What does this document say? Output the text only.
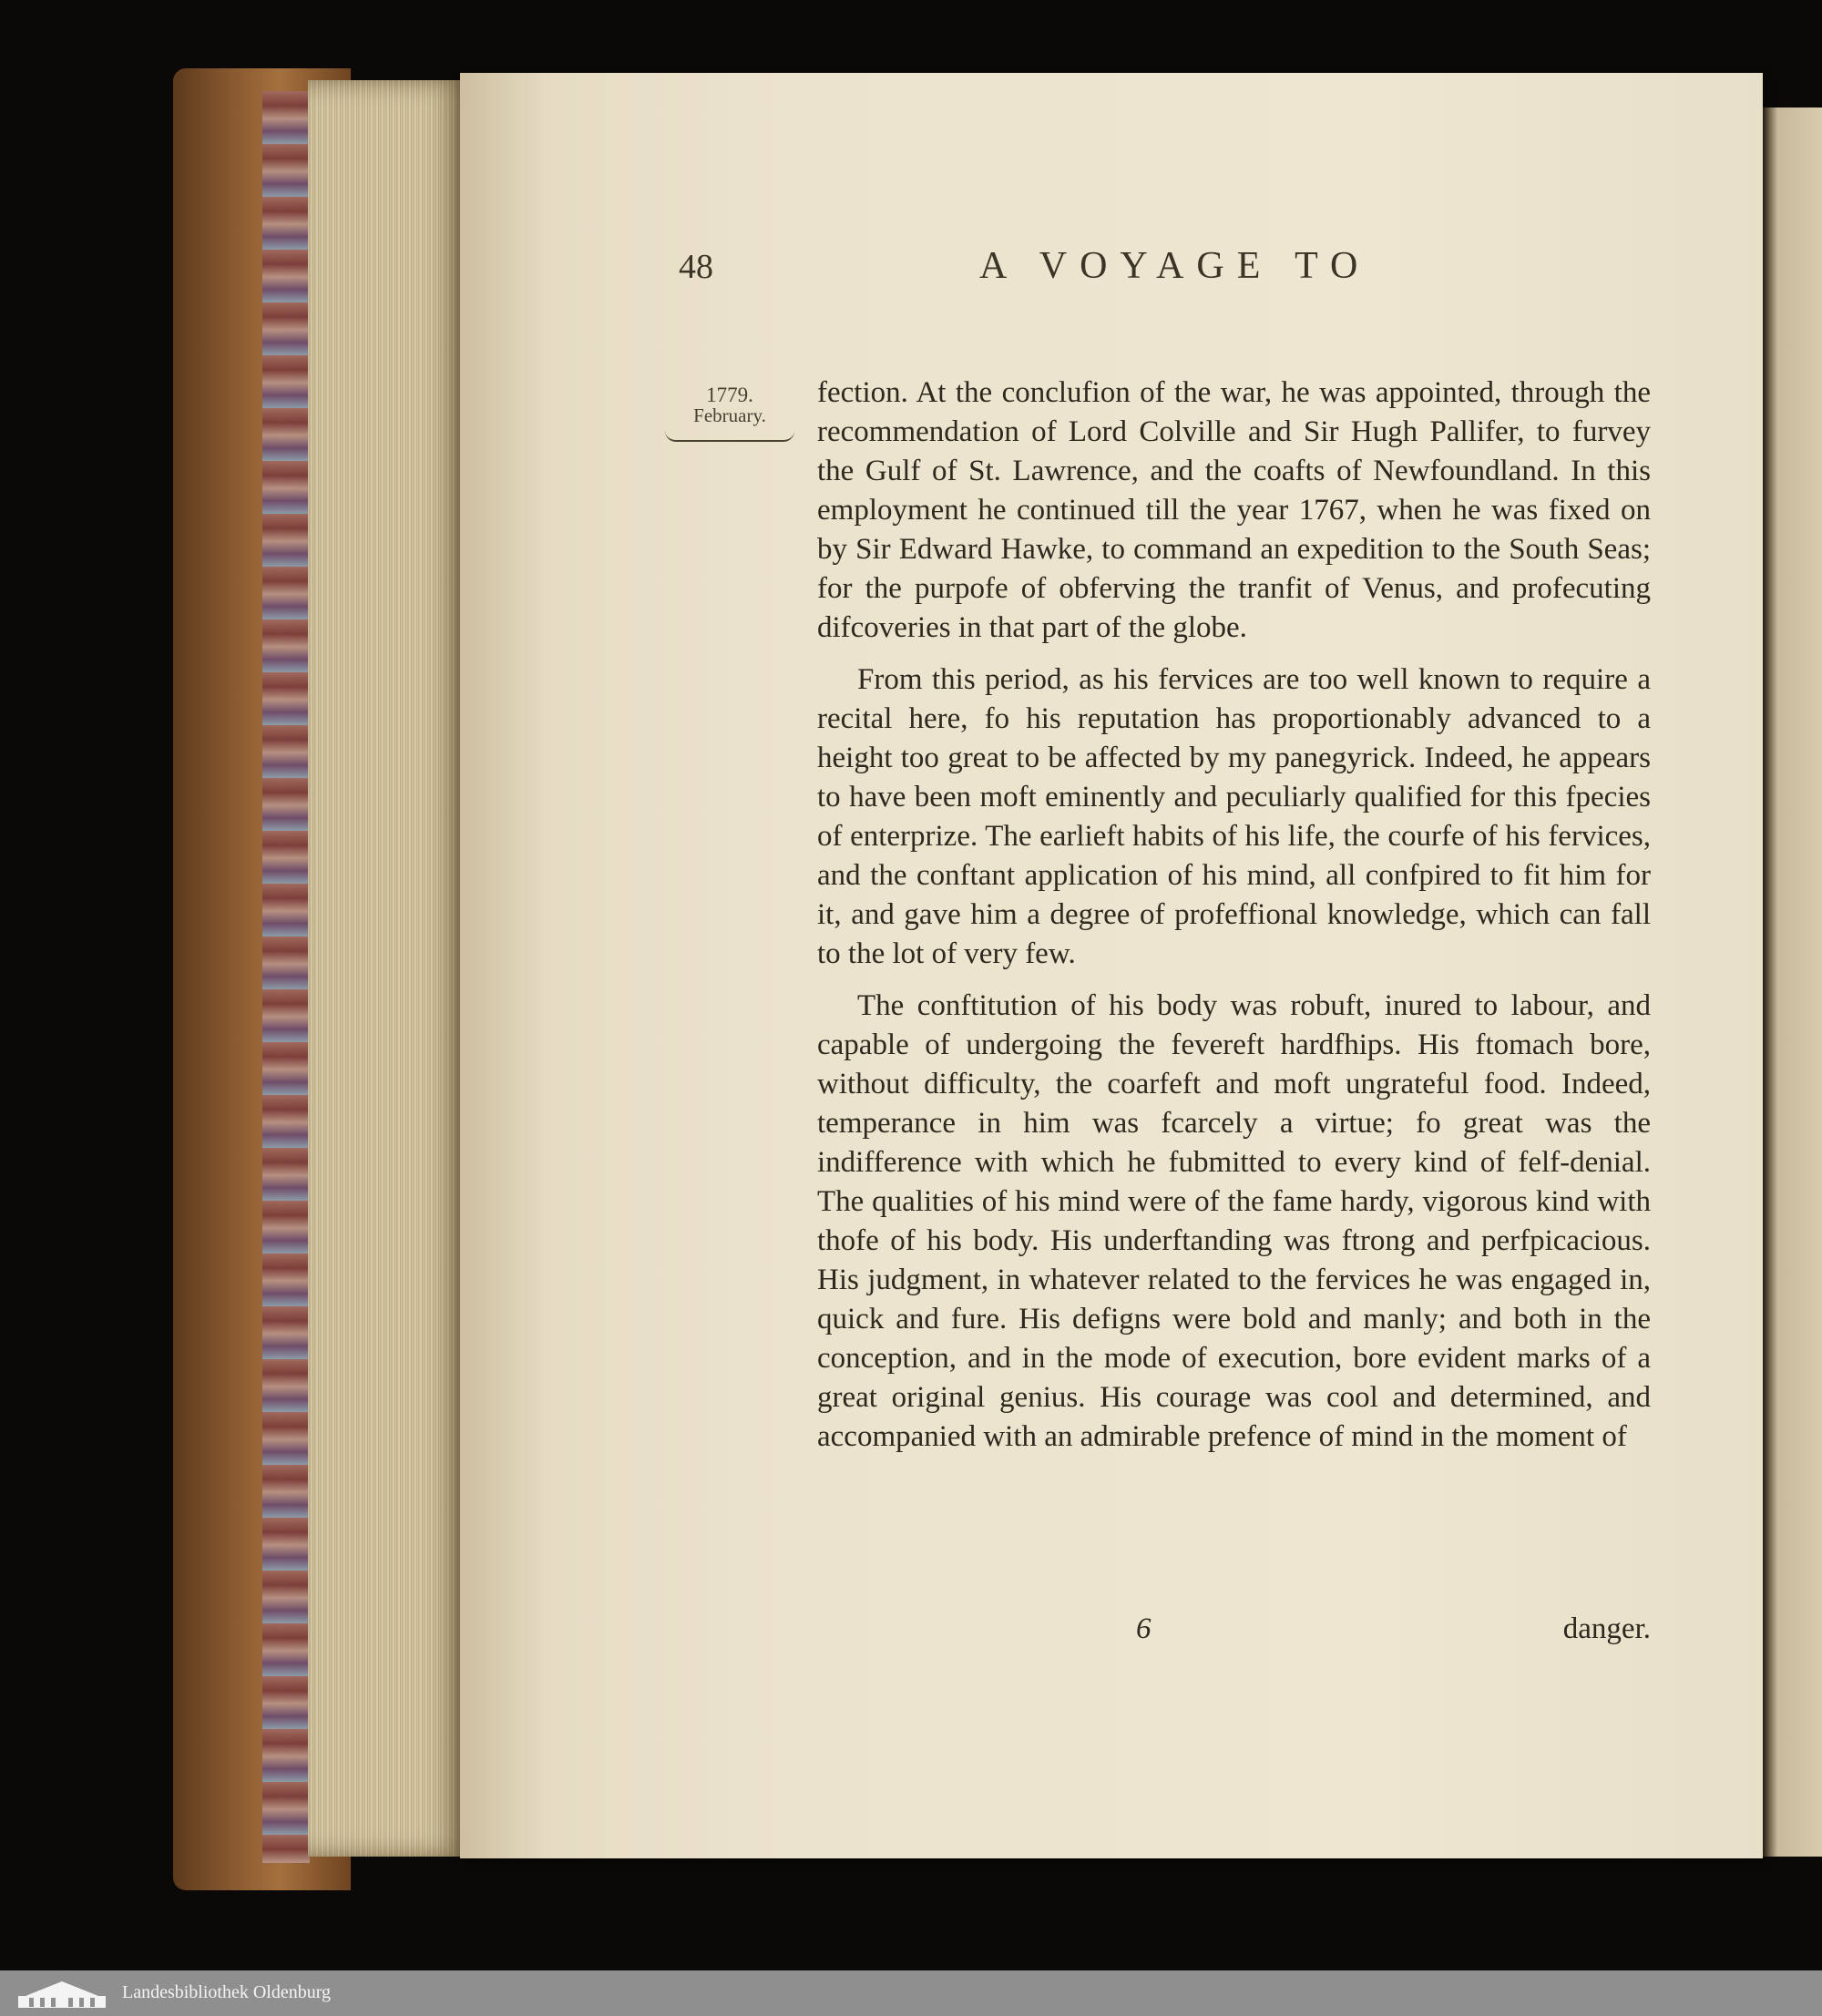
48	A VOYAGE TO
1779.
February.

fection. At the conclufion of the war, he was appointed, through the recommendation of Lord Colville and Sir Hugh Pallifer, to furvey the Gulf of St. Lawrence, and the coafts of Newfoundland. In this employment he continued till the year 1767, when he was fixed on by Sir Edward Hawke, to command an expedition to the South Seas; for the purpofe of obferving the tranfit of Venus, and profecuting difcoveries in that part of the globe.

From this period, as his fervices are too well known to require a recital here, fo his reputation has proportionably advanced to a height too great to be affected by my panegyrick. Indeed, he appears to have been moft eminently and peculiarly qualified for this fpecies of enterprize. The earlieft habits of his life, the courfe of his fervices, and the conftant application of his mind, all confpired to fit him for it, and gave him a degree of profeffional knowledge, which can fall to the lot of very few.

The conftitution of his body was robuft, inured to labour, and capable of undergoing the fevereft hardfhips. His ftomach bore, without difficulty, the coarfeft and moft ungrateful food. Indeed, temperance in him was fcarcely a virtue; fo great was the indifference with which he fubmitted to every kind of felf-denial. The qualities of his mind were of the fame hardy, vigorous kind with thofe of his body. His underftanding was ftrong and perfpicacious. His judgment, in whatever related to the fervices he was engaged in, quick and fure. His defigns were bold and manly; and both in the conception, and in the mode of execution, bore evident marks of a great original genius. His courage was cool and determined, and accompanied with an admirable prefence of mind in the moment of

6	danger.
Landesbibliothek Oldenburg
